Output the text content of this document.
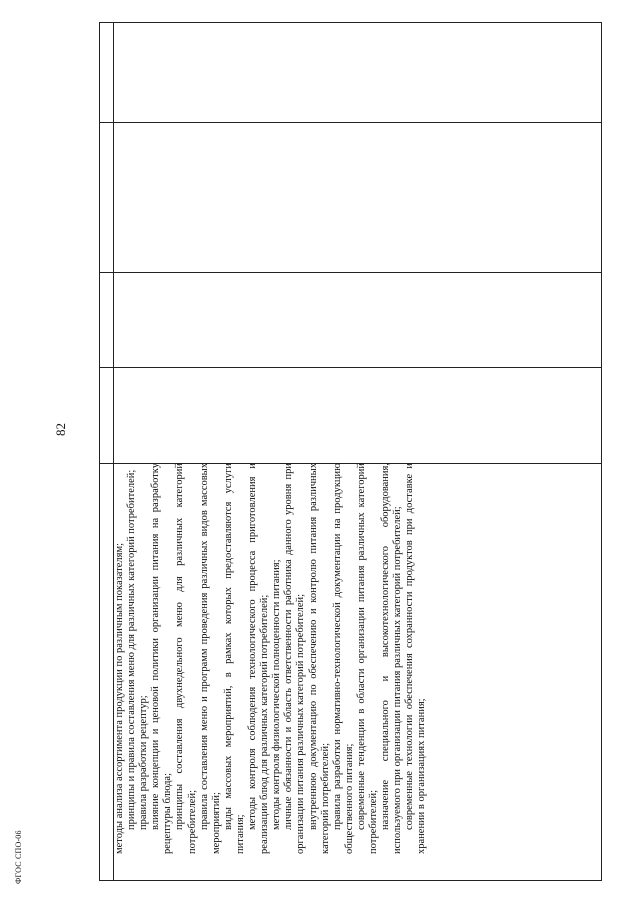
82
ФГОС СПО-06

методы анализа ассортимента продукции по различным показателям; принципы и правила составления меню для различных категорий потребителей; правила разработки рецептур; влияние концепции и ценовой политики организации питания на разработку рецептуры блюда; принципы составления двухнедельного меню для различных категорий потребителей; правила составления меню и программ проведения различных видов массовых мероприятий; виды массовых мероприятий, в рамках которых предоставляются услуги питания;

методы контроля соблюдения технологического процесса приготовления и реализации блюд для различных категорий потребителей; методы контроля физиологической полноценности питания; личные обязанности и область ответственности работника данного уровня при организации питания различных категорий потребителей; внутреннюю документацию по обеспечению и контролю питания различных категорий потребителей; правила разработки нормативно-технологической документации на продукцию общественного питания; современные тенденции в области организации питания различных категорий потребителей; назначение специального и высокотехнологического оборудования, используемого при организации питания различных категорий потребителей; современные технологии обеспечения сохранности продуктов при доставке и хранении в организациях питания;
